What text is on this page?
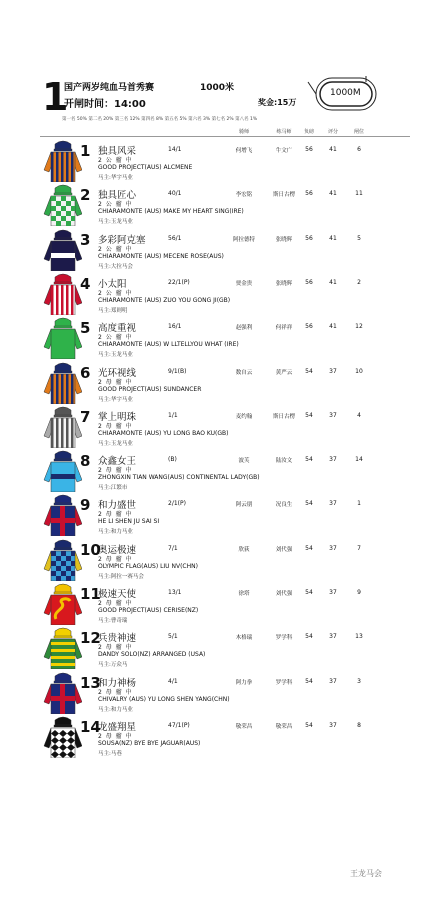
1
国产两岁纯血马首秀赛	1000米
开闸时间：14:00	奖金:15万
1000M
第一名 50% 第二名 20% 第三名 12% 第四名 8% 第五名 5% 第六名 3% 第七名 2% 第八名 1%
骑师	练马师	负磅	评分	闸位
1 独具风采	14/1
2 公 骝 中
GOOD PROJECT(AUS) ALCMENE
马主:华宇马业
何增飞	牛文广	56	41	6
2 独具匠心	40/1
2 公 骝 中
CHIARAMONTE (AUS) MAKE MY HEART SING(IRE)
马主:玉龙马业
李宏铭	斯日古楞	56	41	11
3 多彩阿克塞	56/1
2 公 骝 中
CHIARAMONTE (AUS) MECENE ROSE(AUS)
马主:大拉马会
阿拉德特	张晓辉	56	41	5
4 小太阳	22/1(P)
2 公 骝 中
CHIARAMONTE (AUS) ZUO YOU GONG JI(GB)
马主:郑则明
贾金贵	张晓辉	56	41	2
5 高度重视	16/1
2 公 骝 中
CHIARAMONTE (AUS) W LLTELLYOU WHAT (IRE)
马主:玉龙马业
赵强利	何祥祥	56	41	12
6 光环视线	9/1(B)
2 母 骝 中
GOOD PROJECT(AUS) SUNDANCER
马主:华宇马业
数自云	黄严云	54	37	10
7 掌上明珠	1/1
2 母 骝 中
CHIARAMONTE (AUS) YU LONG BAO KU(GB)
马主:玉龙马业
麦约翰	斯日古楞	54	37	4
8 众鑫女王	(B)
2 母 骝 中
ZHONGXIN TIAN WANG(AUS) CONTINENTAL LADY(GB)
马主:江繁市
波芙	陆汝文	54	37	14
9 和力盛世	2/1(P)
2 母 骝 中
HE LI SHEN JU SAI SI
马主:和力马业
阿云朋	况良生	54	37	1
10
奥运极速	7/1
2 母 骝 中
OLYMPIC FLAG(AUS) LIU NV(CHN)
马主:阿拉一赛马会
欣荻	刘代强	54	37	7
11
极速天使	13/1
2 母 骝 中
GOOD PROJECT(AUS) CERISE(NZ)
马主:曹奇瑞
徐塔	刘代强	54	37	9
12
兵贵神速	5/1
2 母 骝 中
DANDY SOLO(NZ) ARRANGED (USA)
马主:万众马
木格瑞	罗学科	54	37	13
13
和力神杨	4/1
2 母 骝 中
CHIVALRY (AUS) YU LONG SHEN YANG(CHN)
马主:和力马业
阿力拳	罗学科	54	37	3
14
龙盛翔星	47/1(P)
2 母 骝 中
SOUSA(NZ) BYE BYE JAGUAR(AUS)
马主:马巷
敬荣昌	敬荣昌	54	37	8
王龙马会
